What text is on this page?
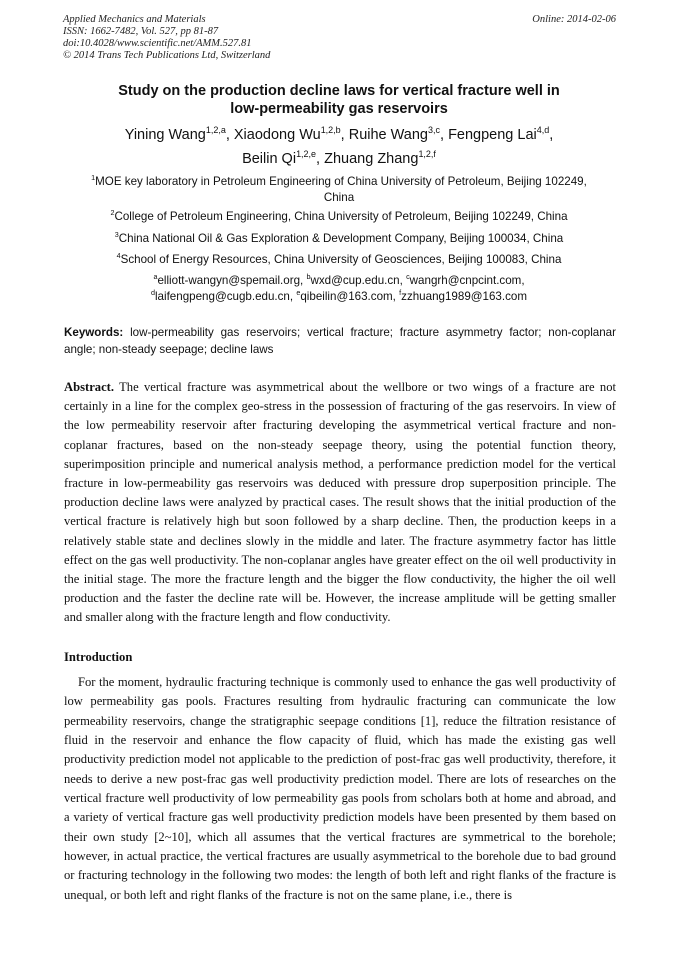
Applied Mechanics and Materials
ISSN: 1662-7482, Vol. 527, pp 81-87
doi:10.4028/www.scientific.net/AMM.527.81
© 2014 Trans Tech Publications Ltd, Switzerland
Online: 2014-02-06
Study on the production decline laws for vertical fracture well in
low-permeability gas reservoirs
Yining Wang$^{1,2,a}$, Xiaodong Wu$^{1,2,b}$, Ruihe Wang$^{3,c}$, Fengpeng Lai$^{4,d}$,
Beilin Qi$^{1,2,e}$, Zhuang Zhang$^{1,2,f}$
$^1$MOE key laboratory in Petroleum Engineering of China University of Petroleum, Beijing 102249,
China
$^2$College of Petroleum Engineering, China University of Petroleum, Beijing 102249, China
$^3$China National Oil & Gas Exploration & Development Company, Beijing 100034, China
$^4$School of Energy Resources, China University of Geosciences, Beijing 100083, China
$^a$elliott-wangyn@spemail.org, $^b$wxd@cup.edu.cn, $^c$wangrh@cnpcint.com,
$^d$laifengpeng@cugb.edu.cn, $^e$qibeilin@163.com, $^f$zzhuang1989@163.com
Keywords: low-permeability gas reservoirs; vertical fracture; fracture asymmetry factor; non-coplanar angle; non-steady seepage; decline laws
Abstract. The vertical fracture was asymmetrical about the wellbore or two wings of a fracture are not certainly in a line for the complex geo-stress in the possession of fracturing of the gas reservoirs. In view of the low permeability reservoir after fracturing developing the asymmetrical vertical fracture and non-coplanar fractures, based on the non-steady seepage theory, using the potential function theory, superimposition principle and numerical analysis method, a performance prediction model for the vertical fracture in low-permeability gas reservoirs was deduced with pressure drop superposition principle. The production decline laws were analyzed by practical cases. The result shows that the initial production of the vertical fracture is relatively high but soon followed by a sharp decline. Then, the production keeps in a relatively stable state and declines slowly in the middle and later. The fracture asymmetry factor has little effect on the gas well productivity. The non-coplanar angles have greater effect on the oil well productivity in the initial stage. The more the fracture length and the bigger the flow conductivity, the higher the oil well production and the faster the decline rate will be. However, the increase amplitude will be getting smaller and smaller along with the fracture length and flow conductivity.
Introduction
For the moment, hydraulic fracturing technique is commonly used to enhance the gas well productivity of low permeability gas pools. Fractures resulting from hydraulic fracturing can communicate the low permeability reservoirs, change the stratigraphic seepage conditions [1], reduce the filtration resistance of fluid in the reservoir and enhance the flow capacity of fluid, which has made the existing gas well productivity prediction model not applicable to the prediction of post-frac gas well productivity, therefore, it needs to derive a new post-frac gas well productivity prediction model. There are lots of researches on the vertical fracture well productivity of low permeability gas pools from scholars both at home and abroad, and a variety of vertical fracture gas well productivity prediction models have been presented by them based on their own study [2~10], which all assumes that the vertical fractures are symmetrical to the borehole; however, in actual practice, the vertical fractures are usually asymmetrical to the borehole due to bad ground or fracturing technology in the following two modes: the length of both left and right flanks of the fracture is unequal, or both left and right flanks of the fracture is not on the same plane, i.e., there is
